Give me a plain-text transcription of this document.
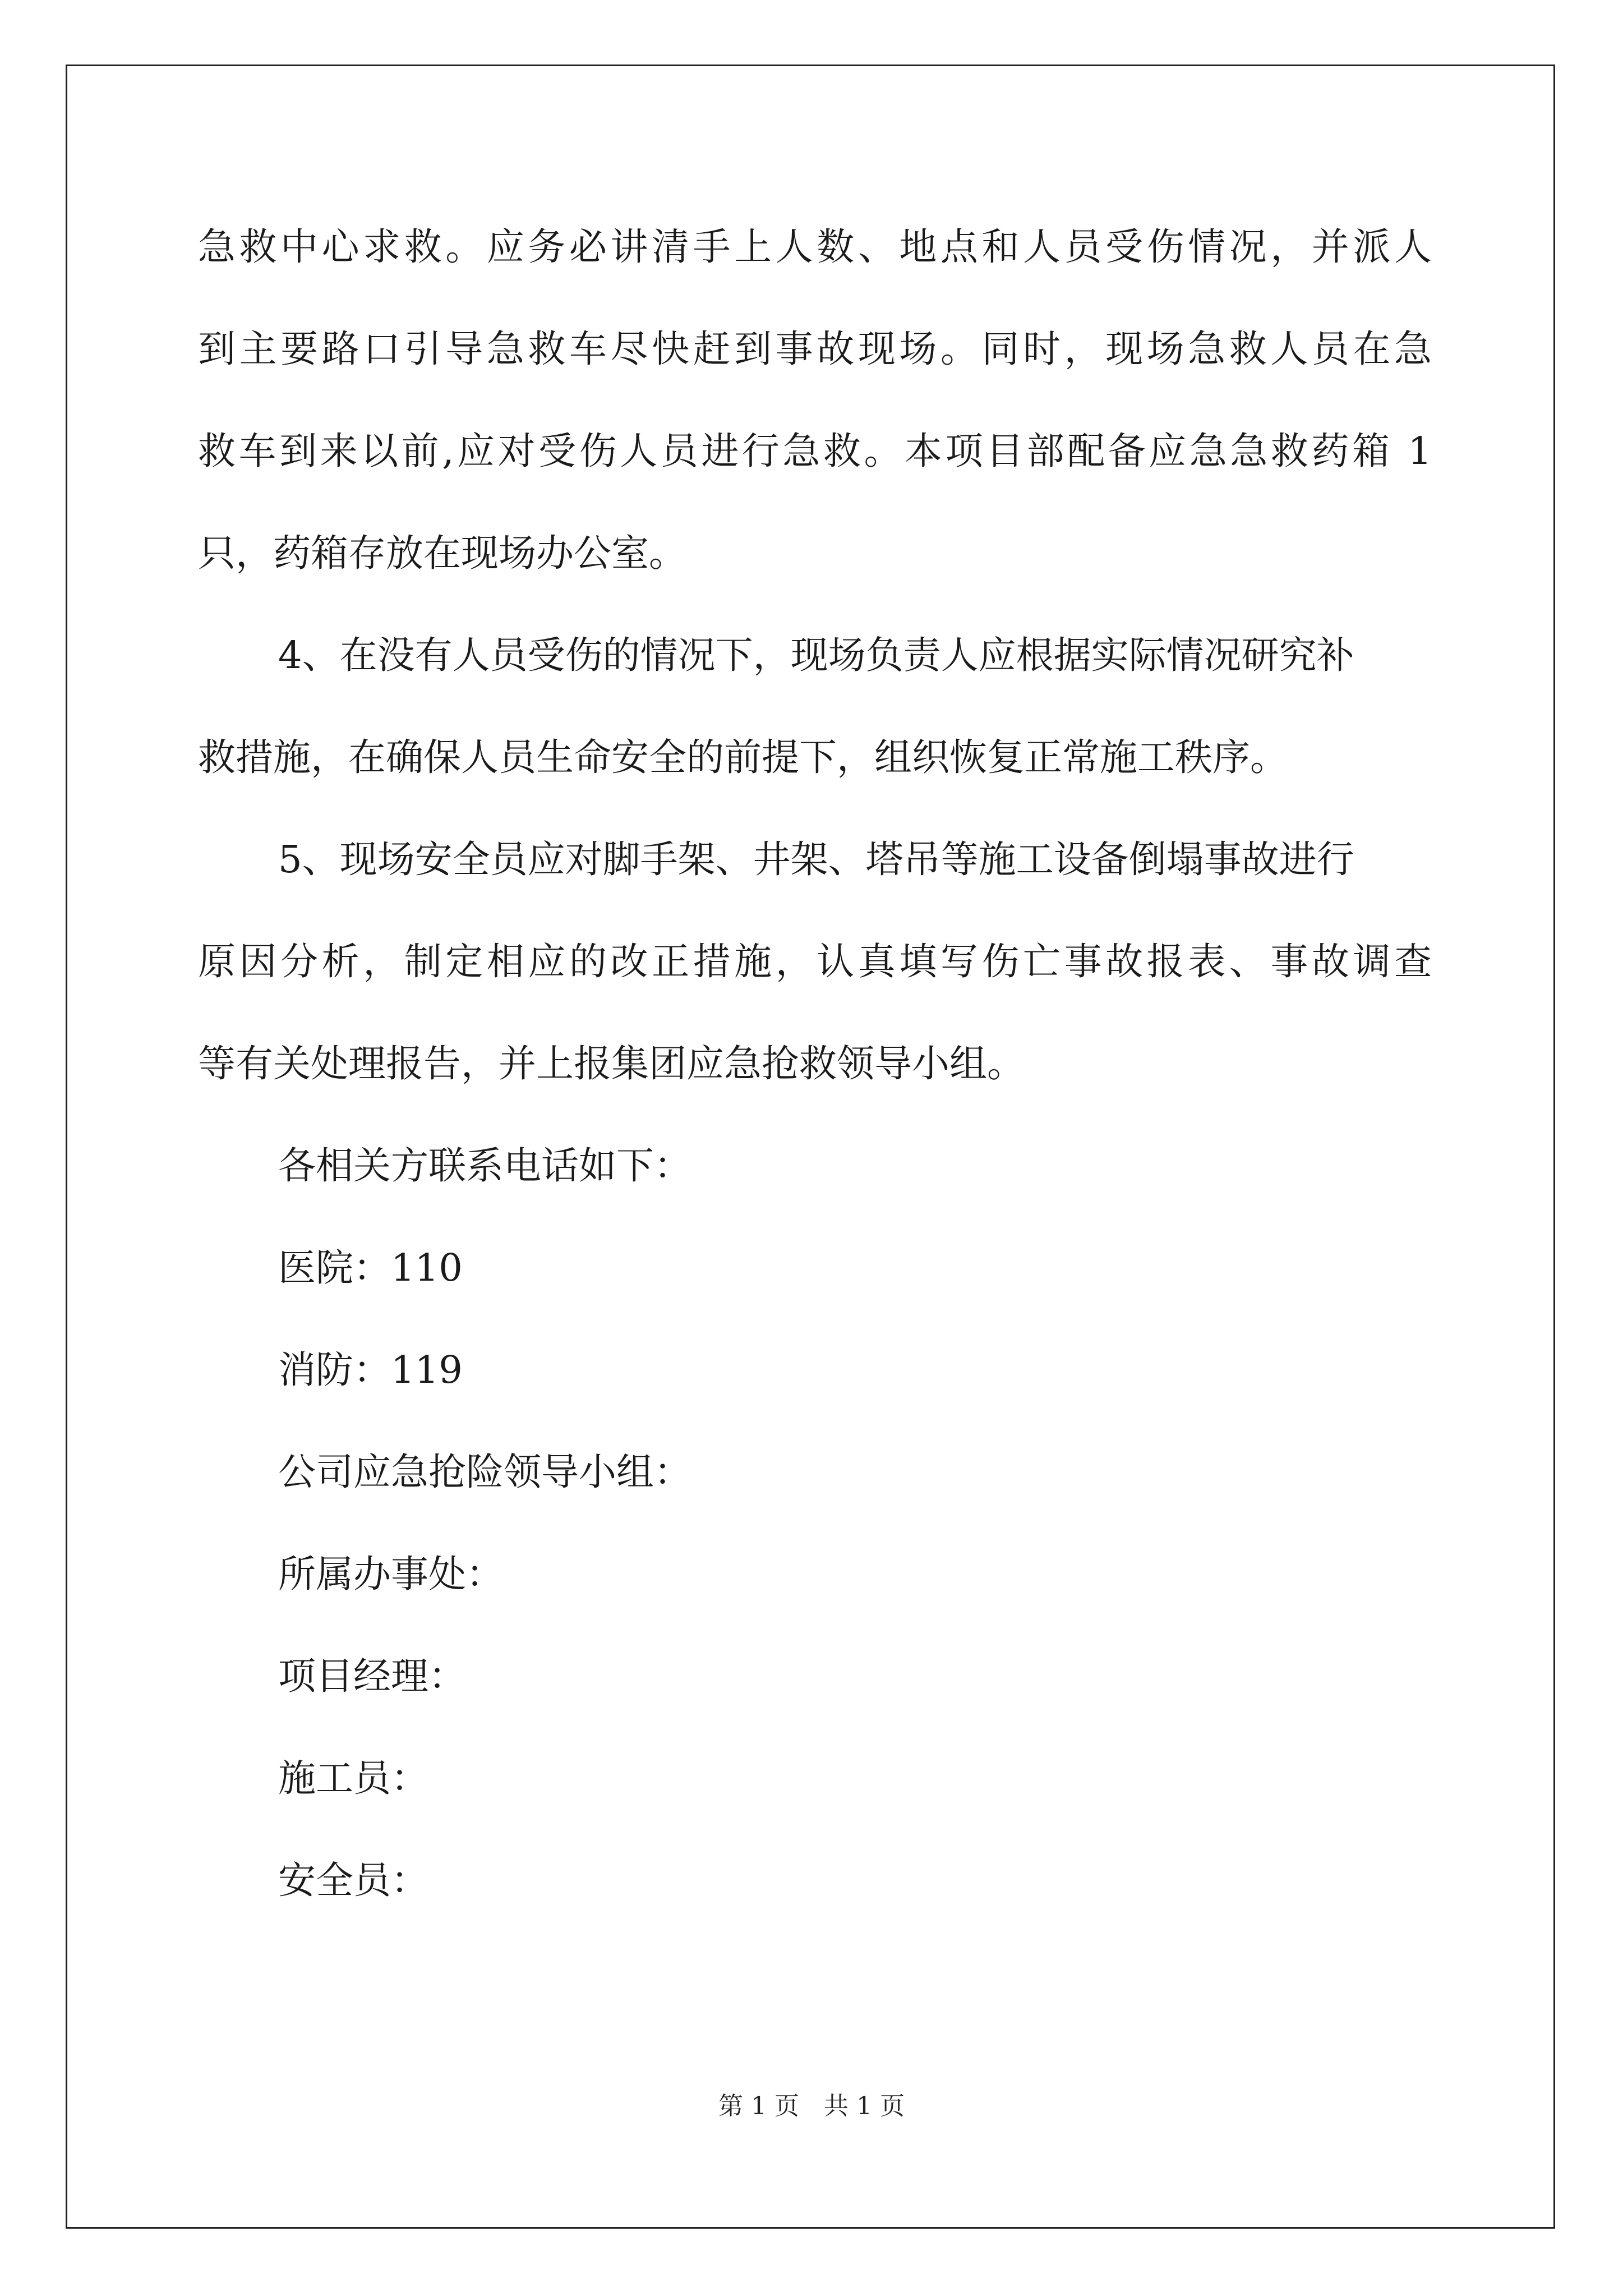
急救中心求救。应务必讲清手上人数、地点和人员受伤情况，并派人

到主要路口引导急救车尽快赶到事故现场。同时，现场急救人员在急

救车到来以前,应对受伤人员进行急救。本项目部配备应急急救药箱 1

只，药箱存放在现场办公室。

4、在没有人员受伤的情况下，现场负责人应根据实际情况研究补

救措施，在确保人员生命安全的前提下，组织恢复正常施工秩序。

5、现场安全员应对脚手架、井架、塔吊等施工设备倒塌事故进行

原因分析，制定相应的改正措施，认真填写伤亡事故报表、事故调查

等有关处理报告，并上报集团应急抢救领导小组。

各相关方联系电话如下：

医院：110

消防：119

公司应急抢险领导小组：

所属办事处：

项目经理：

施工员：

安全员：

第 1 页 共 1 页
